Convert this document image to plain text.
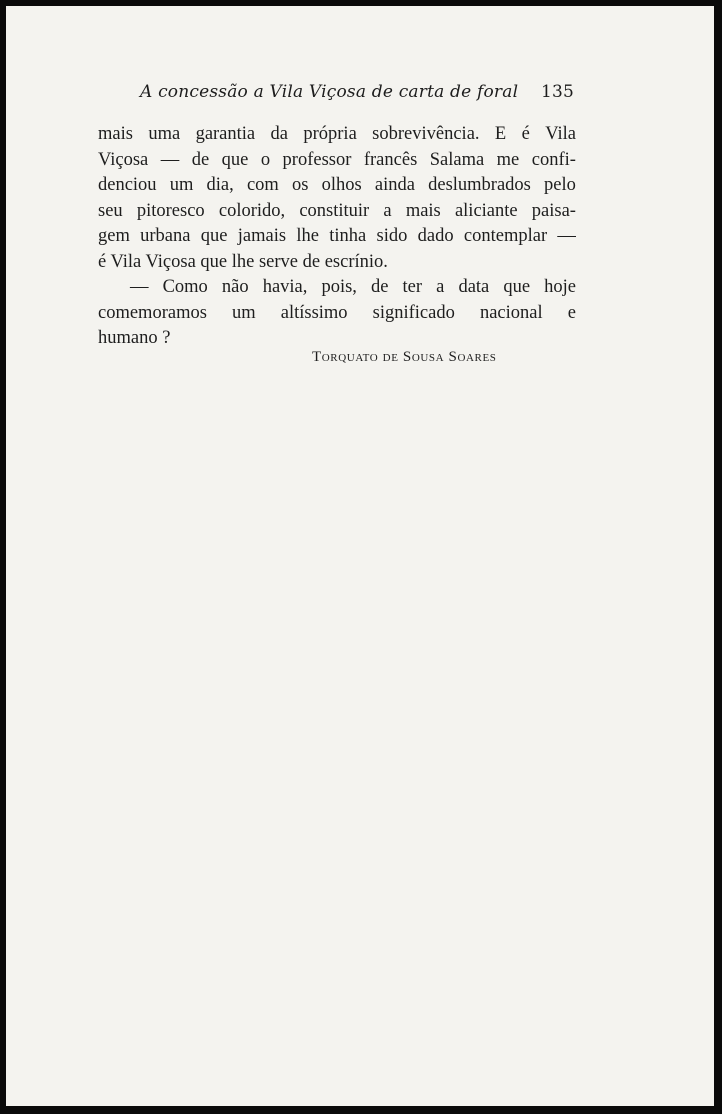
A concessão a Vila Viçosa de carta de foral 135
mais uma garantia da própria sobrevivência. E é Vila
Viçosa — de que o professor francês Salama me confi-
denciou um dia, com os olhos ainda deslumbrados pelo
seu pitoresco colorido, constituir a mais aliciante paisa-
gem urbana que jamais lhe tinha sido dado contemplar —
é Vila Viçosa que lhe serve de escrínio.
— Como não havia, pois, de ter a data que hoje
comemoramos um altíssimo significado nacional e
humano ?
Torquato de Sousa Soares
